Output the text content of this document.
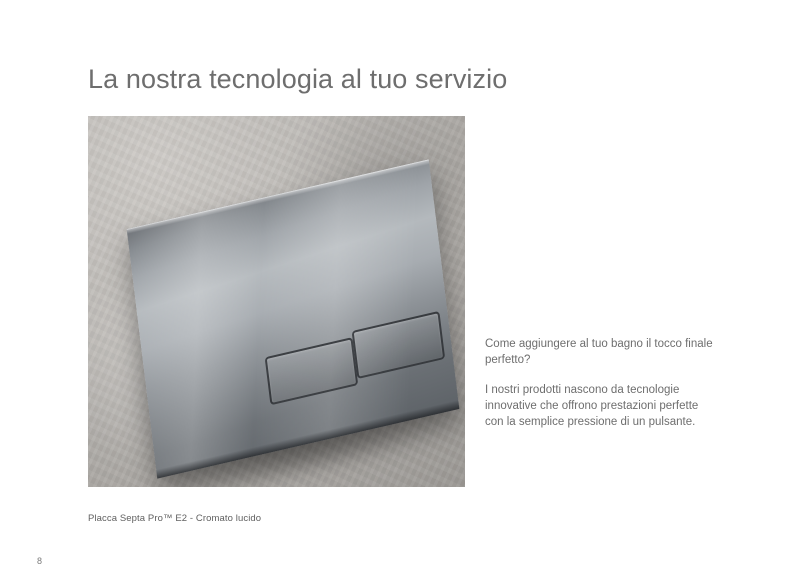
La nostra tecnologia al tuo servizio

Come aggiungere al tuo bagno il tocco finale perfetto?

I nostri prodotti nascono da tecnologie innovative che offrono prestazioni perfette con la semplice pressione di un pulsante.

Placca Septa Pro™ E2 - Cromato lucido
8
